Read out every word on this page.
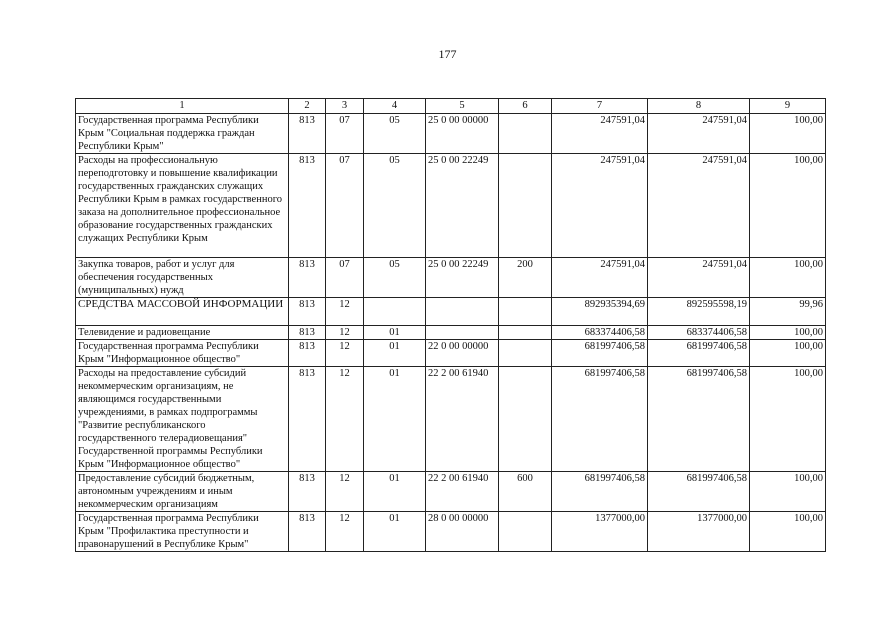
177
1	2	3	4	5	6	7	8	9
Государственная программа Республики Крым "Социальная поддержка граждан Республики Крым"	813	07	05	25 0 00 00000		247591,04	247591,04	100,00
Расходы на профессиональную переподготовку и повышение квалификации государственных гражданских служащих Республики Крым в рамках государственного заказа на дополнительное профессиональное образование государственных гражданских служащих Республики Крым	813	07	05	25 0 00 22249		247591,04	247591,04	100,00
Закупка товаров, работ и услуг для обеспечения государственных (муниципальных) нужд	813	07	05	25 0 00 22249	200	247591,04	247591,04	100,00
СРЕДСТВА МАССОВОЙ ИНФОРМАЦИИ	813	12				892935394,69	892595598,19	99,96
Телевидение и радиовещание	813	12	01			683374406,58	683374406,58	100,00
Государственная программа Республики Крым "Информационное общество"	813	12	01	22 0 00 00000		681997406,58	681997406,58	100,00
Расходы на предоставление субсидий некоммерческим организациям, не являющимся государственными учреждениями, в рамках подпрограммы "Развитие республиканского государственного телерадиовещания" Государственной программы Республики Крым "Информационное общество"	813	12	01	22 2 00 61940		681997406,58	681997406,58	100,00
Предоставление субсидий бюджетным, автономным учреждениям и иным некоммерческим организациям	813	12	01	22 2 00 61940	600	681997406,58	681997406,58	100,00
Государственная программа Республики Крым "Профилактика преступности и правонарушений в Республике Крым"	813	12	01	28 0 00 00000		1377000,00	1377000,00	100,00
